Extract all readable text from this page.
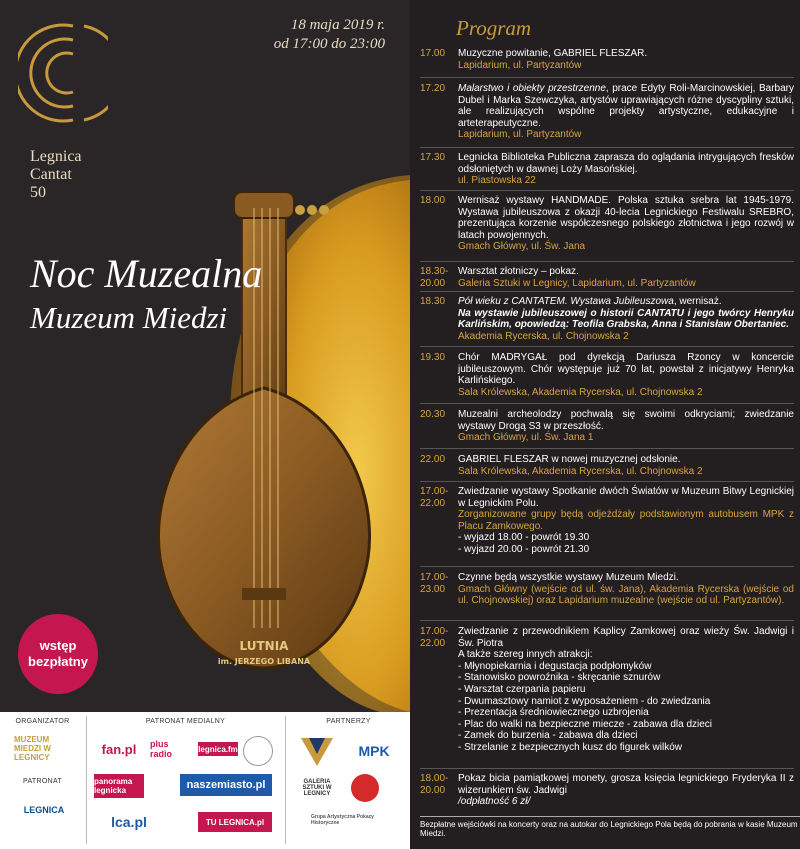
Legnica
Cantat
50
18 maja 2019 r.
od 17:00 do 23:00
LUTNIA
im. JERZEGO LIBANA
Noc Muzealna
Muzeum Miedzi
wstęp
bezpłatny
ORGANIZATOR
MUZEUM MIEDZI W LEGNICY
PATRONAT
LEGNICA
PATRONAT MEDIALNY
fan.pl	plus radio	legnica.fm
panorama legnicka	naszemiasto.pl
lca.pl	TU LEGNICA.pl
PARTNERZY
MPK
GALERIA SZTUKI W LEGNICY
Grupa Artystyczna Pokazy Historyczne
Program
17.00	Muzyczne powitanie, GABRIEL FLESZAR.
Lapidarium, ul. Partyzantów
17.20	Malarstwo i obiekty przestrzenne, prace Edyty Roli-Marcinowskiej, Barbary Dubel i Marka Szewczyka, artystów uprawiających różne dyscypliny sztuki, ale realizujących wspólne projekty artystyczne, edukacyjne i arteterapeutyczne.
Lapidarium, ul. Partyzantów
17.30	Legnicka Biblioteka Publiczna zaprasza do oglądania intrygujących fresków odsłoniętych w dawnej Loży Masońskiej.
ul. Piastowska 22
18.00	Wernisaż wystawy HANDMADE. Polska sztuka srebra lat 1945-1979. Wystawa jubileuszowa z okazji 40-lecia Legnickiego Festiwalu SREBRO, prezentująca korzenie współczesnego polskiego złotnictwa i jego rozwój w latach powojennych.
Gmach Główny, ul. Św. Jana
18.30-
20.00
Warsztat złotniczy – pokaz.
Galeria Sztuki w Legnicy, Lapidarium, ul. Partyzantów
18.30	Pół wieku z CANTATEM. Wystawa Jubileuszowa, wernisaż.
Na wystawie jubileuszowej o historii CANTATU i jego twórcy Henryku Karlińskim, opowiedzą: Teofila Grabska, Anna i Stanisław Obertaniec.
Akademia Rycerska, ul. Chojnowska 2
19.30	Chór MADRYGAŁ pod dyrekcją Dariusza Rzoncy w koncercie jubileuszowym. Chór występuje już 70 lat, powstał z inicjatywy Henryka Karlińskiego.
Sala Królewska, Akademia Rycerska, ul. Chojnowska 2
20.30	Muzealni archeolodzy pochwalą się swoimi odkryciami; zwiedzanie wystawy Drogą S3 w przeszłość.
Gmach Główny, ul. Św. Jana 1
22.00	GABRIEL FLESZAR w nowej muzycznej odsłonie.
Sala Królewska, Akademia Rycerska, ul. Chojnowska 2
17.00-
22.00
Zwiedzanie wystawy Spotkanie dwóch Światów w Muzeum Bitwy Legnickiej w Legnickim Polu.
Zorganizowane grupy będą odjeżdżały podstawionym autobusem MPK z Placu Zamkowego.
- wyjazd 18.00 - powrót 19.30
- wyjazd 20.00 - powrót 21.30
17.00-
23.00
Czynne będą wszystkie wystawy Muzeum Miedzi.
Gmach Główny (wejście od ul. św. Jana), Akademia Rycerska (wejście od ul. Chojnowskiej) oraz Lapidarium muzealne (wejście od ul. Partyzantów).
17.00-
22.00
Zwiedzanie z przewodnikiem Kaplicy Zamkowej oraz wieży Św. Jadwigi i Św. Piotra
A także szereg innych atrakcji:
- Młynopiekarnia i degustacja podpłomyków
- Stanowisko powroźnika - skręcanie sznurów
- Warsztat czerpania papieru
- Dwumasztowy namiot z wyposażeniem - do zwiedzania
- Prezentacja średniowiecznego uzbrojenia
- Plac do walki na bezpieczne miecze - zabawa dla dzieci
- Zamek do burzenia - zabawa dla dzieci
- Strzelanie z bezpiecznych kusz do figurek wilków
18.00-
20.00
Pokaz bicia pamiątkowej monety, grosza księcia legnickiego Fryderyka II z wizerunkiem św. Jadwigi
/odpłatność 6 zł/
Bezpłatne wejściówki na koncerty oraz na autokar do Legnickiego Pola będą do pobrania w kasie Muzeum Miedzi.
